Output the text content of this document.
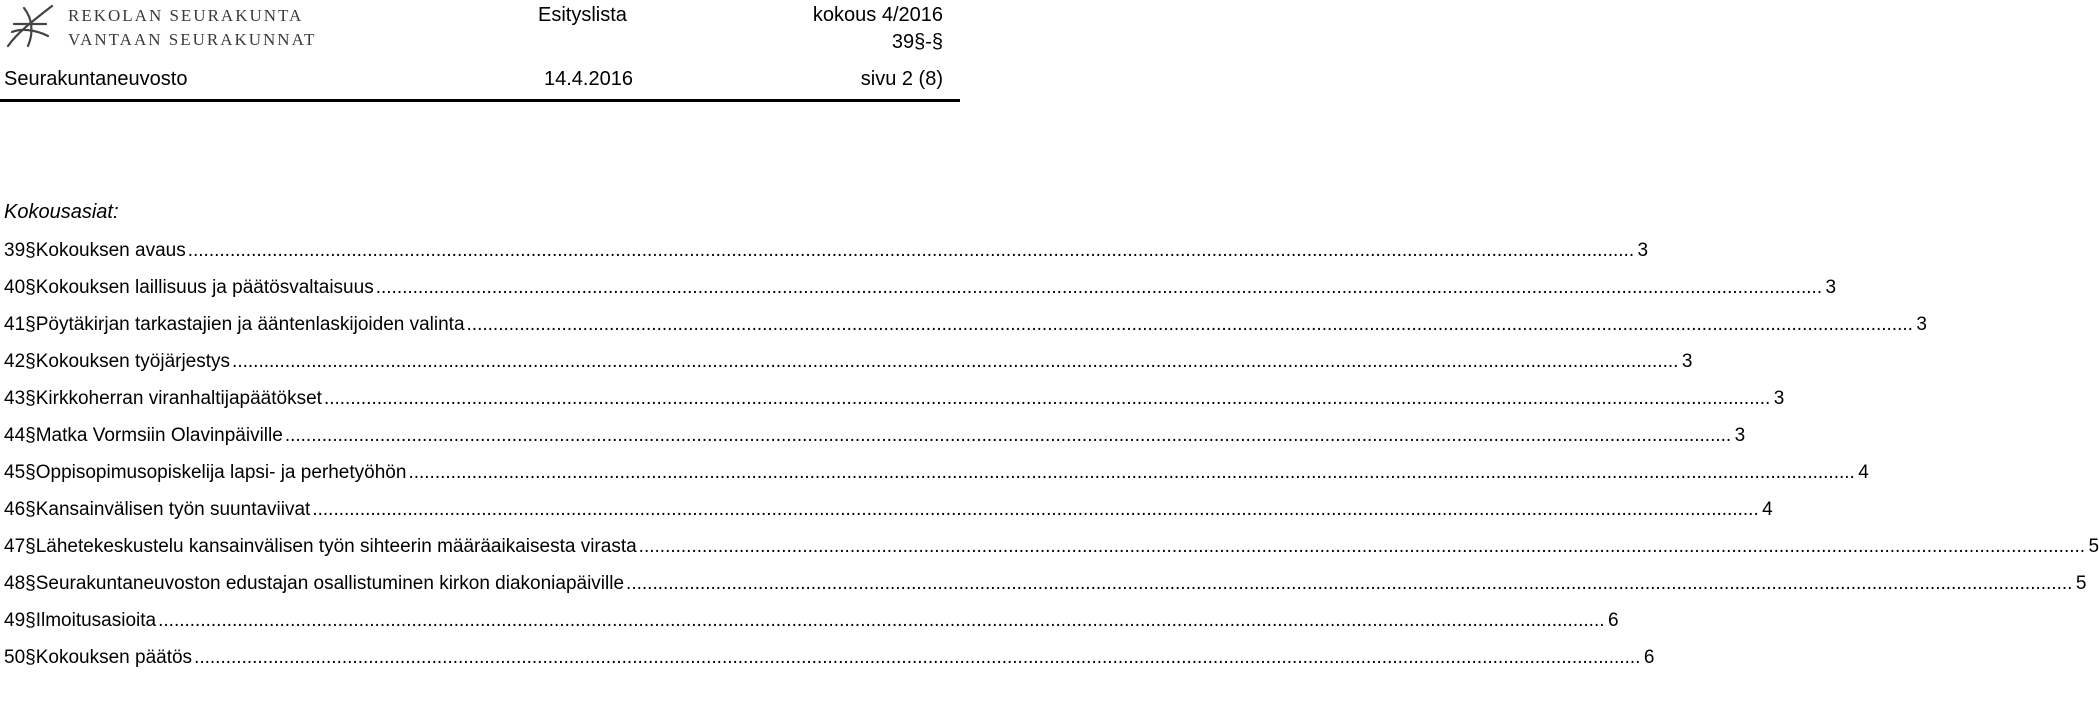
REKOLAN SEURAKUNTA
VANTAAN SEURAKUNNAT
Esityslista	kokous 4/2016
39§-§
Seurakuntaneuvosto	14.4.2016	sivu 2 (8)
Kokousasiat:
39 § Kokouksen avaus .................................................................................................................................................................................................................................................................................. 3
40 § Kokouksen laillisuus ja päätösvaltaisuus .................................................................................................................................................................................................................................................................................. 3
41 § Pöytäkirjan tarkastajien ja ääntenlaskijoiden valinta .................................................................................................................................................................................................................................................................................. 3
42 § Kokouksen työjärjestys .................................................................................................................................................................................................................................................................................. 3
43 § Kirkkoherran viranhaltijapäätökset .................................................................................................................................................................................................................................................................................. 3
44 § Matka Vormsiin Olavinpäiville .................................................................................................................................................................................................................................................................................. 3
45 § Oppisopimusopiskelija lapsi- ja perhetyöhön .................................................................................................................................................................................................................................................................................. 4
46 § Kansainvälisen työn suuntaviivat .................................................................................................................................................................................................................................................................................. 4
47 § Lähetekeskustelu kansainvälisen työn sihteerin määräaikaisesta virasta .................................................................................................................................................................................................................................................................................. 5
48 § Seurakuntaneuvoston edustajan osallistuminen kirkon diakoniapäiville .................................................................................................................................................................................................................................................................................. 5
49 § Ilmoitusasioita .................................................................................................................................................................................................................................................................................. 6
50 § Kokouksen päätös .................................................................................................................................................................................................................................................................................. 6
